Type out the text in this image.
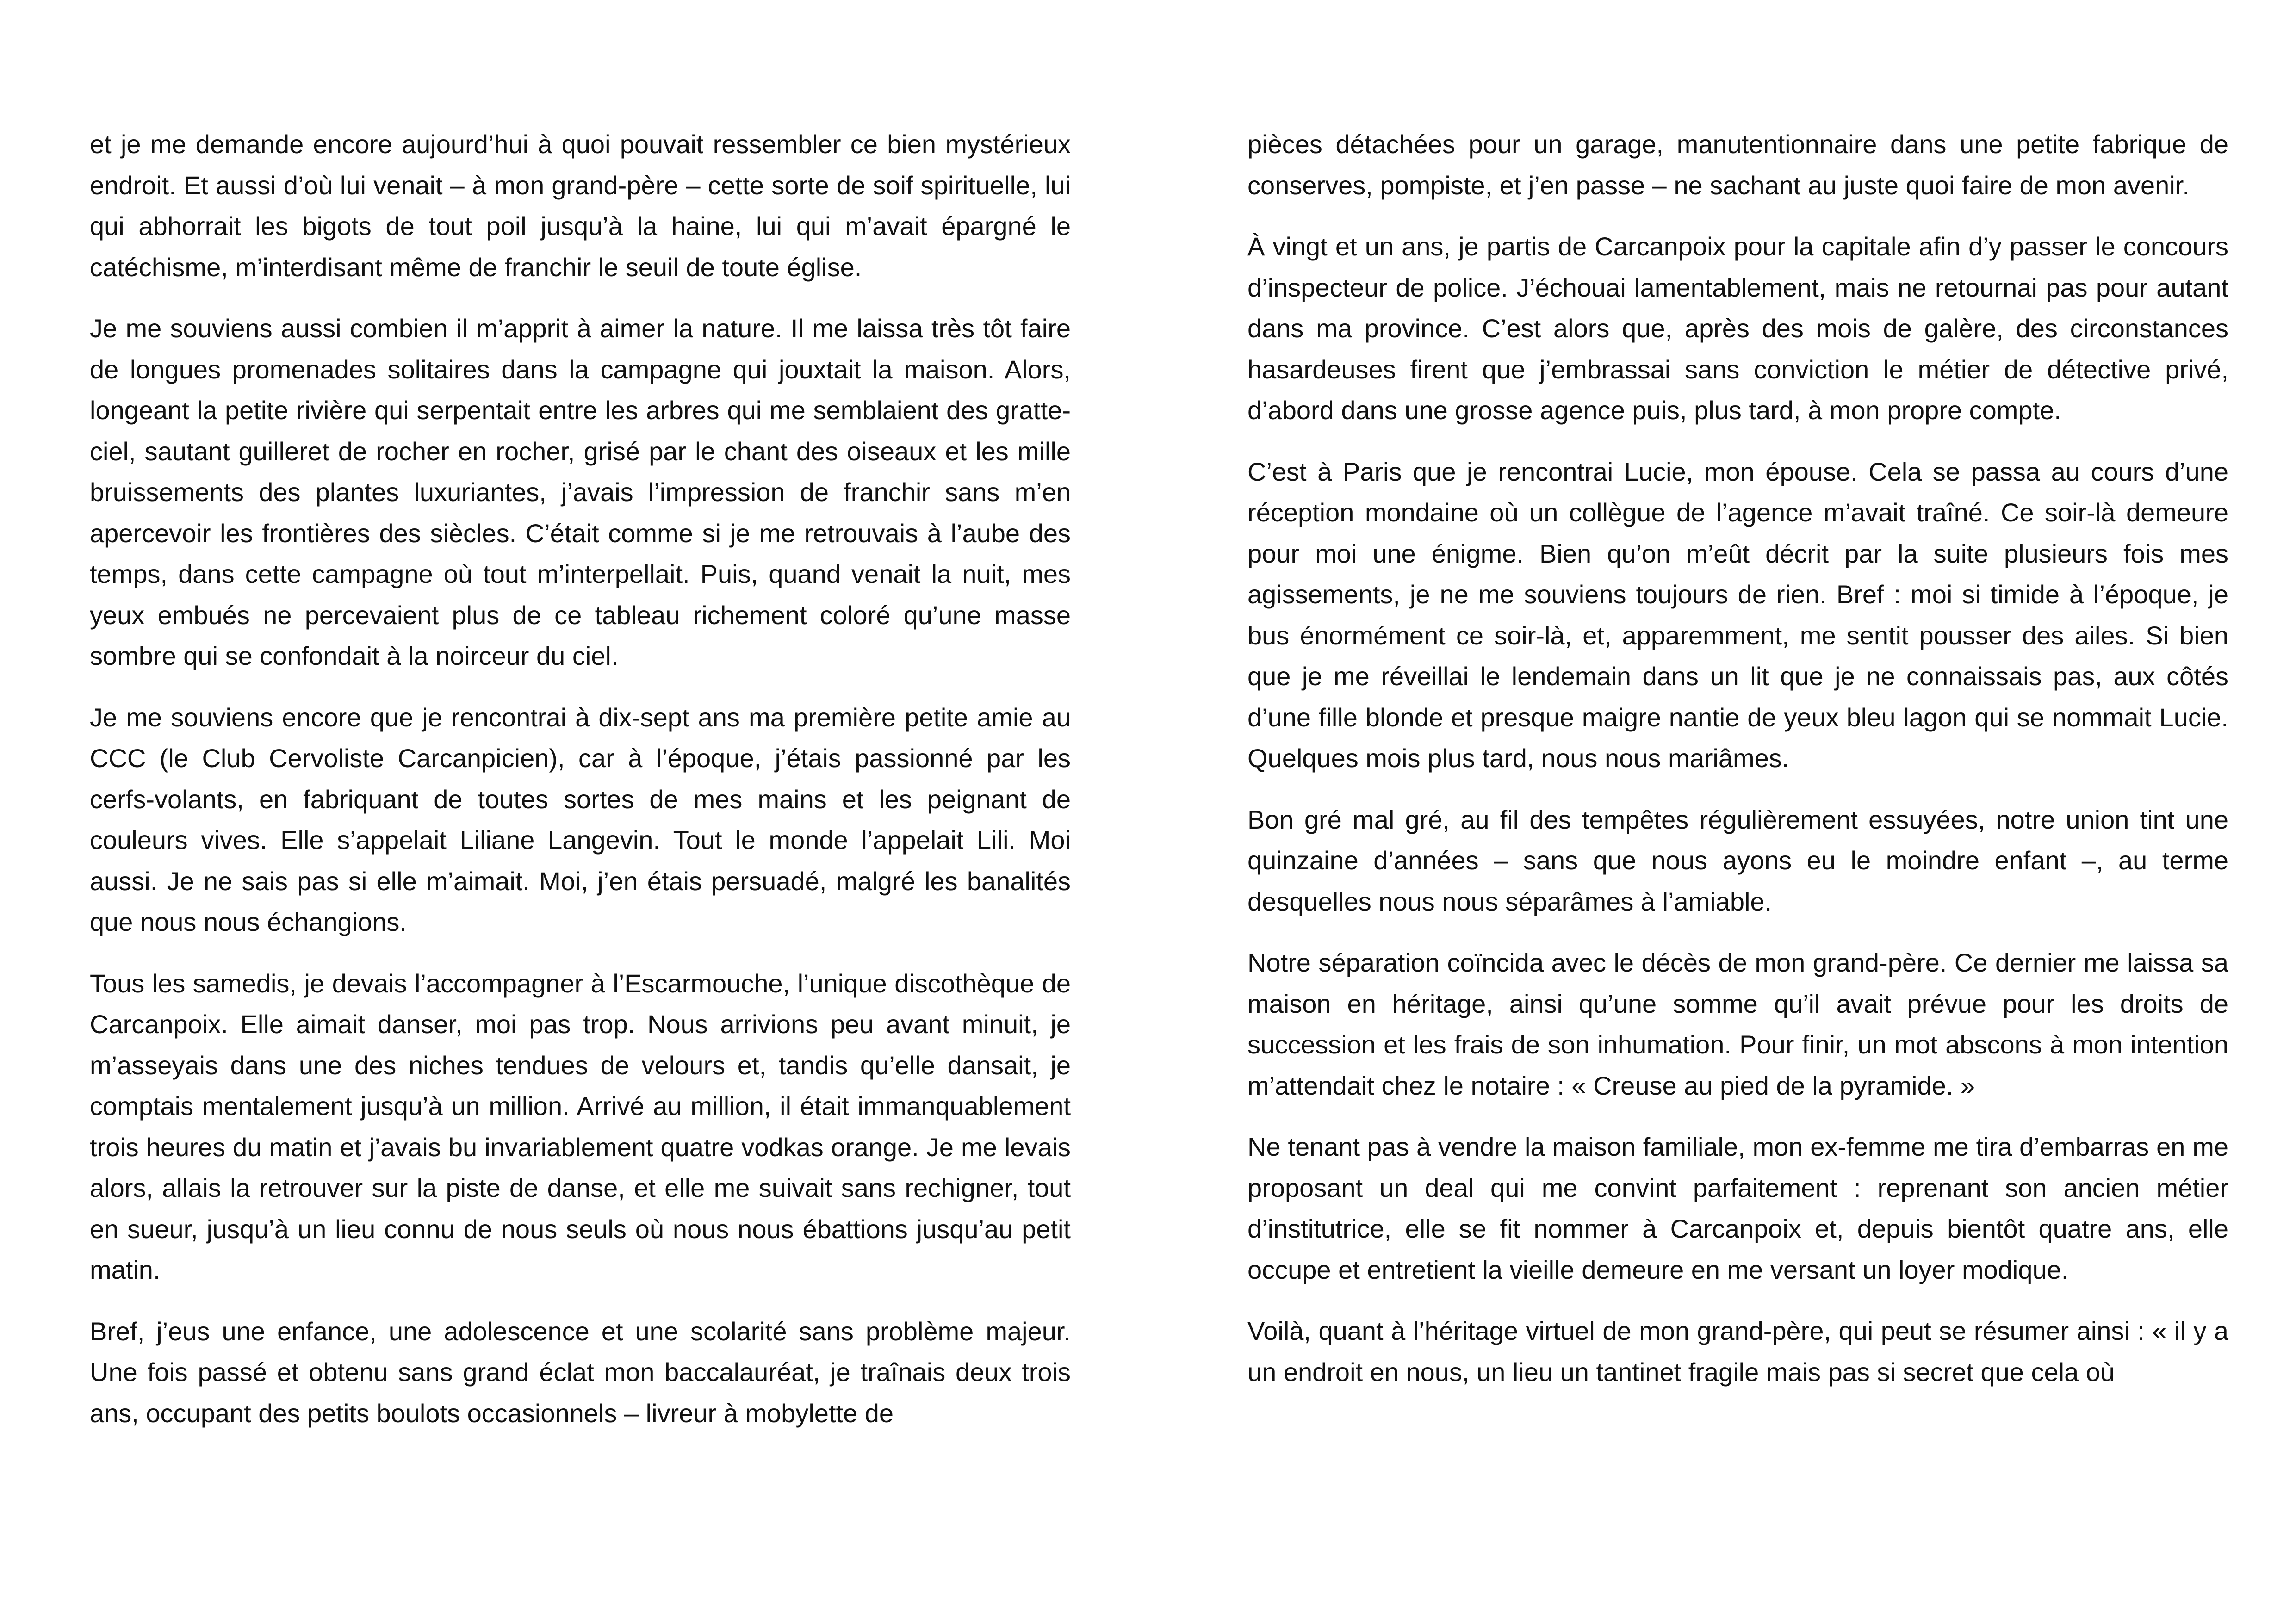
et je me demande encore aujourd’hui à quoi pouvait ressembler ce bien mystérieux endroit. Et aussi d’où lui venait – à mon grand-père – cette sorte de soif spirituelle, lui qui abhorrait les bigots de tout poil jusqu’à la haine, lui qui m’avait épargné le catéchisme, m’interdisant même de franchir le seuil de toute église.

Je me souviens aussi combien il m’apprit à aimer la nature. Il me laissa très tôt faire de longues promenades solitaires dans la campagne qui jouxtait la maison. Alors, longeant la petite rivière qui serpentait entre les arbres qui me semblaient des gratte-ciel, sautant guilleret de rocher en rocher, grisé par le chant des oiseaux et les mille bruissements des plantes luxuriantes, j’avais l’impression de franchir sans m’en apercevoir les frontières des siècles. C’était comme si je me retrouvais à l’aube des temps, dans cette campagne où tout m’interpellait. Puis, quand venait la nuit, mes yeux embués ne percevaient plus de ce tableau richement coloré qu’une masse sombre qui se confondait à la noirceur du ciel.

Je me souviens encore que je rencontrai à dix-sept ans ma première petite amie au CCC (le Club Cervoliste Carcanpicien), car à l’époque, j’étais passionné par les cerfs-volants, en fabriquant de toutes sortes de mes mains et les peignant de couleurs vives. Elle s’appelait Liliane Langevin. Tout le monde l’appelait Lili. Moi aussi. Je ne sais pas si elle m’aimait. Moi, j’en étais persuadé, malgré les banalités que nous nous échangions.

Tous les samedis, je devais l’accompagner à l’Escarmouche, l’unique discothèque de Carcanpoix. Elle aimait danser, moi pas trop. Nous arrivions peu avant minuit, je m’asseyais dans une des niches tendues de velours et, tandis qu’elle dansait, je comptais mentalement jusqu’à un million. Arrivé au million, il était immanquablement trois heures du matin et j’avais bu invariablement quatre vodkas orange. Je me levais alors, allais la retrouver sur la piste de danse, et elle me suivait sans rechigner, tout en sueur, jusqu’à un lieu connu de nous seuls où nous nous ébattions jusqu’au petit matin.

Bref, j’eus une enfance, une adolescence et une scolarité sans problème majeur. Une fois passé et obtenu sans grand éclat mon baccalauréat, je traînais deux trois ans, occupant des petits boulots occasionnels – livreur à mobylette de

pièces détachées pour un garage, manutentionnaire dans une petite fabrique de conserves, pompiste, et j’en passe – ne sachant au juste quoi faire de mon avenir.

À vingt et un ans, je partis de Carcanpoix pour la capitale afin d’y passer le concours d’inspecteur de police. J’échouai lamentablement, mais ne retournai pas pour autant dans ma province. C’est alors que, après des mois de galère, des circonstances hasardeuses firent que j’embrassai sans conviction le métier de détective privé, d’abord dans une grosse agence puis, plus tard, à mon propre compte.

C’est à Paris que je rencontrai Lucie, mon épouse. Cela se passa au cours d’une réception mondaine où un collègue de l’agence m’avait traîné. Ce soir-là demeure pour moi une énigme. Bien qu’on m’eût décrit par la suite plusieurs fois mes agissements, je ne me souviens toujours de rien. Bref : moi si timide à l’époque, je bus énormément ce soir-là, et, apparemment, me sentit pousser des ailes. Si bien que je me réveillai le lendemain dans un lit que je ne connaissais pas, aux côtés d’une fille blonde et presque maigre nantie de yeux bleu lagon qui se nommait Lucie. Quelques mois plus tard, nous nous mariâmes.

Bon gré mal gré, au fil des tempêtes régulièrement essuyées, notre union tint une quinzaine d’années – sans que nous ayons eu le moindre enfant –, au terme desquelles nous nous séparâmes à l’amiable.

Notre séparation coïncida avec le décès de mon grand-père. Ce dernier me laissa sa maison en héritage, ainsi qu’une somme qu’il avait prévue pour les droits de succession et les frais de son inhumation. Pour finir, un mot abscons à mon intention m’attendait chez le notaire : « Creuse au pied de la pyramide. »

Ne tenant pas à vendre la maison familiale, mon ex-femme me tira d’embarras en me proposant un deal qui me convint parfaitement : reprenant son ancien métier d’institutrice, elle se fit nommer à Carcanpoix et, depuis bientôt quatre ans, elle occupe et entretient la vieille demeure en me versant un loyer modique.

Voilà, quant à l’héritage virtuel de mon grand-père, qui peut se résumer ainsi : « il y a un endroit en nous, un lieu un tantinet fragile mais pas si secret que cela où
